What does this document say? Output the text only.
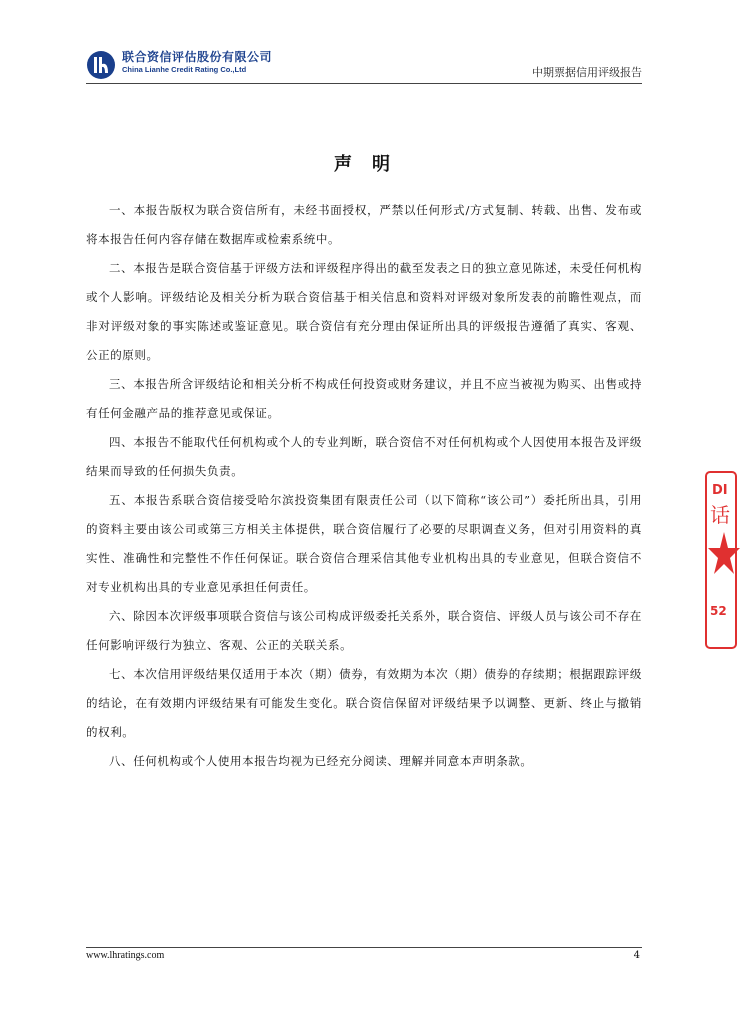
联合资信评估股份有限公司
China Lianhe Credit Rating Co.,Ltd	中期票据信用评级报告
声明

一、本报告版权为联合资信所有，未经书面授权，严禁以任何形式/方式复制、转载、出售、发布或将本报告任何内容存储在数据库或检索系统中。

二、本报告是联合资信基于评级方法和评级程序得出的截至发表之日的独立意见陈述，未受任何机构或个人影响。评级结论及相关分析为联合资信基于相关信息和资料对评级对象所发表的前瞻性观点，而非对评级对象的事实陈述或鉴证意见。联合资信有充分理由保证所出具的评级报告遵循了真实、客观、公正的原则。

三、本报告所含评级结论和相关分析不构成任何投资或财务建议，并且不应当被视为购买、出售或持有任何金融产品的推荐意见或保证。

四、本报告不能取代任何机构或个人的专业判断，联合资信不对任何机构或个人因使用本报告及评级结果而导致的任何损失负责。

五、本报告系联合资信接受哈尔滨投资集团有限责任公司（以下简称“该公司”）委托所出具，引用的资料主要由该公司或第三方相关主体提供，联合资信履行了必要的尽职调查义务，但对引用资料的真实性、准确性和完整性不作任何保证。联合资信合理采信其他专业机构出具的专业意见，但联合资信不对专业机构出具的专业意见承担任何责任。

六、除因本次评级事项联合资信与该公司构成评级委托关系外，联合资信、评级人员与该公司不存在任何影响评级行为独立、客观、公正的关联关系。

七、本次信用评级结果仅适用于本次（期）债券，有效期为本次（期）债券的存续期；根据跟踪评级的结论，在有效期内评级结果有可能发生变化。联合资信保留对评级结果予以调整、更新、终止与撤销的权利。

八、任何机构或个人使用本报告均视为已经充分阅读、理解并同意本声明条款。

DI
话
52
www.lhratings.com	4
